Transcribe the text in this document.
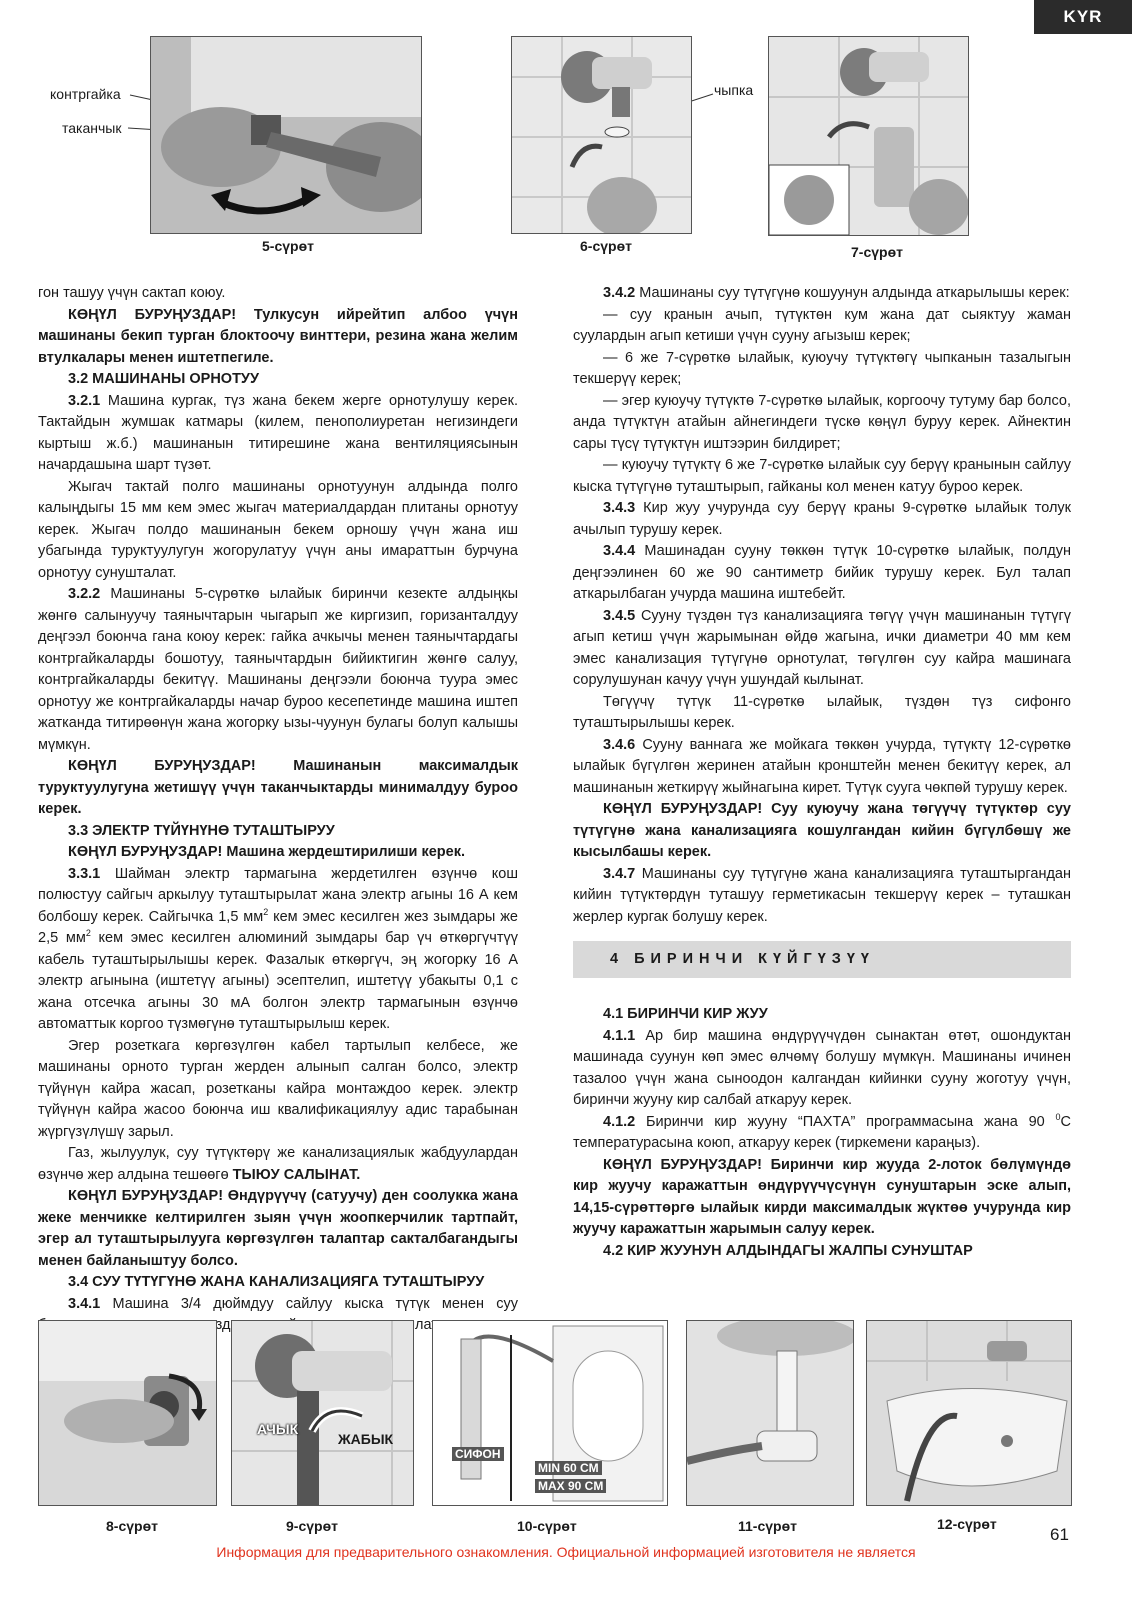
KYR
контргайка
таканчык
чыпка
5-сүрөт	6-сүрөт	7-сүрөт

гон ташуу үчүн сактап коюу.

КӨҢҮЛ БУРУҢУЗДАР! Тулкусун ийрейтип албоо үчүн машинаны бекип турган блоктоочу винттери, резина жана желим втулкалары менен иштетпегиле.

3.2 МАШИНАНЫ ОРНОТУУ

3.2.1 Машина кургак, түз жана бекем жерге орнотулушу керек. Тактайдын жумшак катмары (килем, пенополиуретан негизиндеги кыртыш ж.б.) машинанын титирешине жана вентиляциясынын начардашына шарт түзөт.

Жыгач тактай полго машинаны орнотуунун алдында полго калыңдыгы 15 мм кем эмес жыгач материалдардан плитаны орнотуу керек. Жыгач полдо машинанын бекем орношу үчүн жана иш убагында туруктуулугун жогорулатуу үчүн аны имараттын бурчуна орнотуу сунушталат.

3.2.2 Машинаны 5-сүрөткө ылайык биринчи кезекте алдыңкы жөнгө салынуучу таянычтарын чыгарып же киргизип, горизанталдуу деңгээл боюнча гана коюу керек: гайка ачкычы менен таянычтардагы контргайкаларды бошотуу, таянычтардын бийиктигин жөнгө салуу, контргайкаларды бекитүү. Машинаны деңгээли боюнча туура эмес орнотуу же контргайкаларды начар буроо кесепетинде машина иштеп жатканда титирөөнүн жана жогорку ызы-чуунун булагы болуп калышы мүмкүн.

КӨҢҮЛ БУРУҢУЗДАР! Машинанын максималдык туруктуулугуна жетишүү үчүн таканчыктарды минималдуу буроо керек.

3.3 ЭЛЕКТР ТҮЙҮНҮНӨ ТУТАШТЫРУУ

КӨҢҮЛ БУРУҢУЗДАР! Машина жердештирилиши керек.

3.3.1 Шайман электр тармагына жердетилген өзүнчө кош полюстуу сайгыч аркылуу туташтырылат жана электр агыны 16 А кем болбошу керек. Сайгычка 1,5 $мм^2$ кем эмес кесилген жез зымдары же 2,5 $мм^2$ кем эмес кесилген алюминий зымдары бар үч өткөргүчтүү кабель туташтырылышы керек. Фазалык өткөргүч, эң жогорку 16 А электр агынына (иштетүү агыны) эсептелип, иштетүү убакыты 0,1 с жана отсечка агыны 30 мА болгон электр тармагынын өзүнчө автоматтык коргоо түзмөгүнө туташтырылыш керек.

Эгер розеткага көргөзүлгөн кабел тартылып келбесе, же машинаны орното турган жерден алынып салган болсо, электр түйүнүн кайра жасап, розетканы кайра монтаждоо керек. электр түйүнүн кайра жасоо боюнча иш квалификациялуу адис тарабынан жүргүзүлүшү зарыл.

Газ, жылуулук, суу түтүктөрү же канализациялык жабдуулардан өзүнчө жер алдына тешөөгө ТЫЮУ САЛЫНАТ.

КӨҢҮЛ БУРУҢУЗДАР! Өндүрүүчү (сатуучу) ден соолукка жана жеке менчикке келтирилген зыян үчүн жоопкерчилик тартпайт, эгер ал туташтырылууга көргөзүлгөн талаптар сакталбагандыгы менен байланыштуу болсо.

3.4 СУУ ТҮТҮГҮНӨ ЖАНА КАНАЛИЗАЦИЯГА ТУТАШТЫРУУ

3.4.1 Машина 3/4 дюймдуу сайлуу кыска түтүк менен суу муздак

3.4.2 Машинаны суу түтүгүнө кошуунун алдында аткарылышы керек:

— суу кранын ачып, түтүктөн кум жана дат сыяктуу жаман суулардын агып кетиши үчүн сууну агызыш керек;

— 6 же 7-сүрөткө ылайык, куюучу түтүктөгү чыпканын тазалыгын текшерүү керек;

— эгер куюучу түтүктө 7-сүрөткө ылайык, коргоочу тутуму бар болсо, анда түтүктүн атайын айнегиндеги түскө көңүл буруу керек. Айнектин сары түсү түтүктүн иштээрин билдирет;

— куюучу түтүктү 6 же 7-сүрөткө ылайык суу берүү кранынын сайлуу кыска түтүгүнө туташтырып, гайканы кол менен катуу буроо керек.

3.4.3 Кир жуу учурунда суу берүү краны 9-сүрөткө ылайык толук ачылып турушу керек.

3.4.4 Машинадан сууну төккөн түтүк 10-сүрөткө ылайык, полдун деңгээлинен 60 же 90 сантиметр бийик турушу керек. Бул талап аткарылбаган учурда машина иштебейт.

3.4.5 Сууну түздөн түз канализацияга төгүү үчүн машинанын түтүгү агып кетиш үчүн жарымынан өйдө жагына, ички диаметри 40 мм кем эмес канализация түтүгүнө орнотулат, төгүлгөн суу кайра машинага сорулушунан качуу үчүн ушундай кылынат.

Төгүүчү түтүк 11-сүрөткө ылайык, түздөн түз сифонго туташтырылышы керек.

3.4.6 Сууну ваннага же мойкага төккөн учурда, түтүктү 12-сүрөткө ылайык бүгүлгөн жеринен атайын кронштейн менен бекитүү керек, ал машинанын жеткирүү жыйнагына кирет. Түтүк сууга чөкпөй турушу керек.

КӨҢҮЛ БУРУҢУЗДАР! Суу куюучу жана төгүүчү түтүктөр суу түтүгүнө жана канализацияга кошулгандан кийин бүгүлбөшү же кысылбашы керек.

3.4.7 Машинаны суу түтүгүнө жана канализацияга туташтыргандан кийин түтүктөрдүн туташуу герметикасын текшерүү керек – туташкан жерлер кургак болушу керек.

4 БИРИНЧИ КҮЙГҮЗҮҮ

4.1 БИРИНЧИ КИР ЖУУ

4.1.1 Ар бир машина өндүрүүчүдөн сынактан өтөт, ошондуктан машинада суунун көп эмес өлчөмү болушу мүмкүн. Машинаны ичинен тазалоо үчүн жана сыноодон калгандан кийинки сууну жоготуу үчүн, биринчи жууну кир салбай аткаруу керек.

4.1.2 Биринчи кир жууну “ПАХТА” программасына жана 90 $^0$С температурасына коюп, аткаруу керек (тиркемени караңыз).

КӨҢҮЛ БУРУҢУЗДАР! Биринчи кир жууда 2-лоток бөлүмүндө кир жуучу каражаттын өндүрүүчүсүнүн сунуштарын эске алып, 14,15-сүрөттөргө ылайык кирди максималдык жүктөө учурунда кир жуучу каражаттын жарымын салуу керек.

4.2 КИР ЖУУНУН АЛДЫНДАГЫ ЖАЛПЫ СУНУШТАР

АЧЫК
ЖАБЫК
СИФОН
MIN 60 CM
MAX 90 CM
8-сүрөт	9-сүрөт	10-сүрөт	11-сүрөт	12-сүрөт
61
Информация для предварительного ознакомления. Официальной информацией изготовителя не является
